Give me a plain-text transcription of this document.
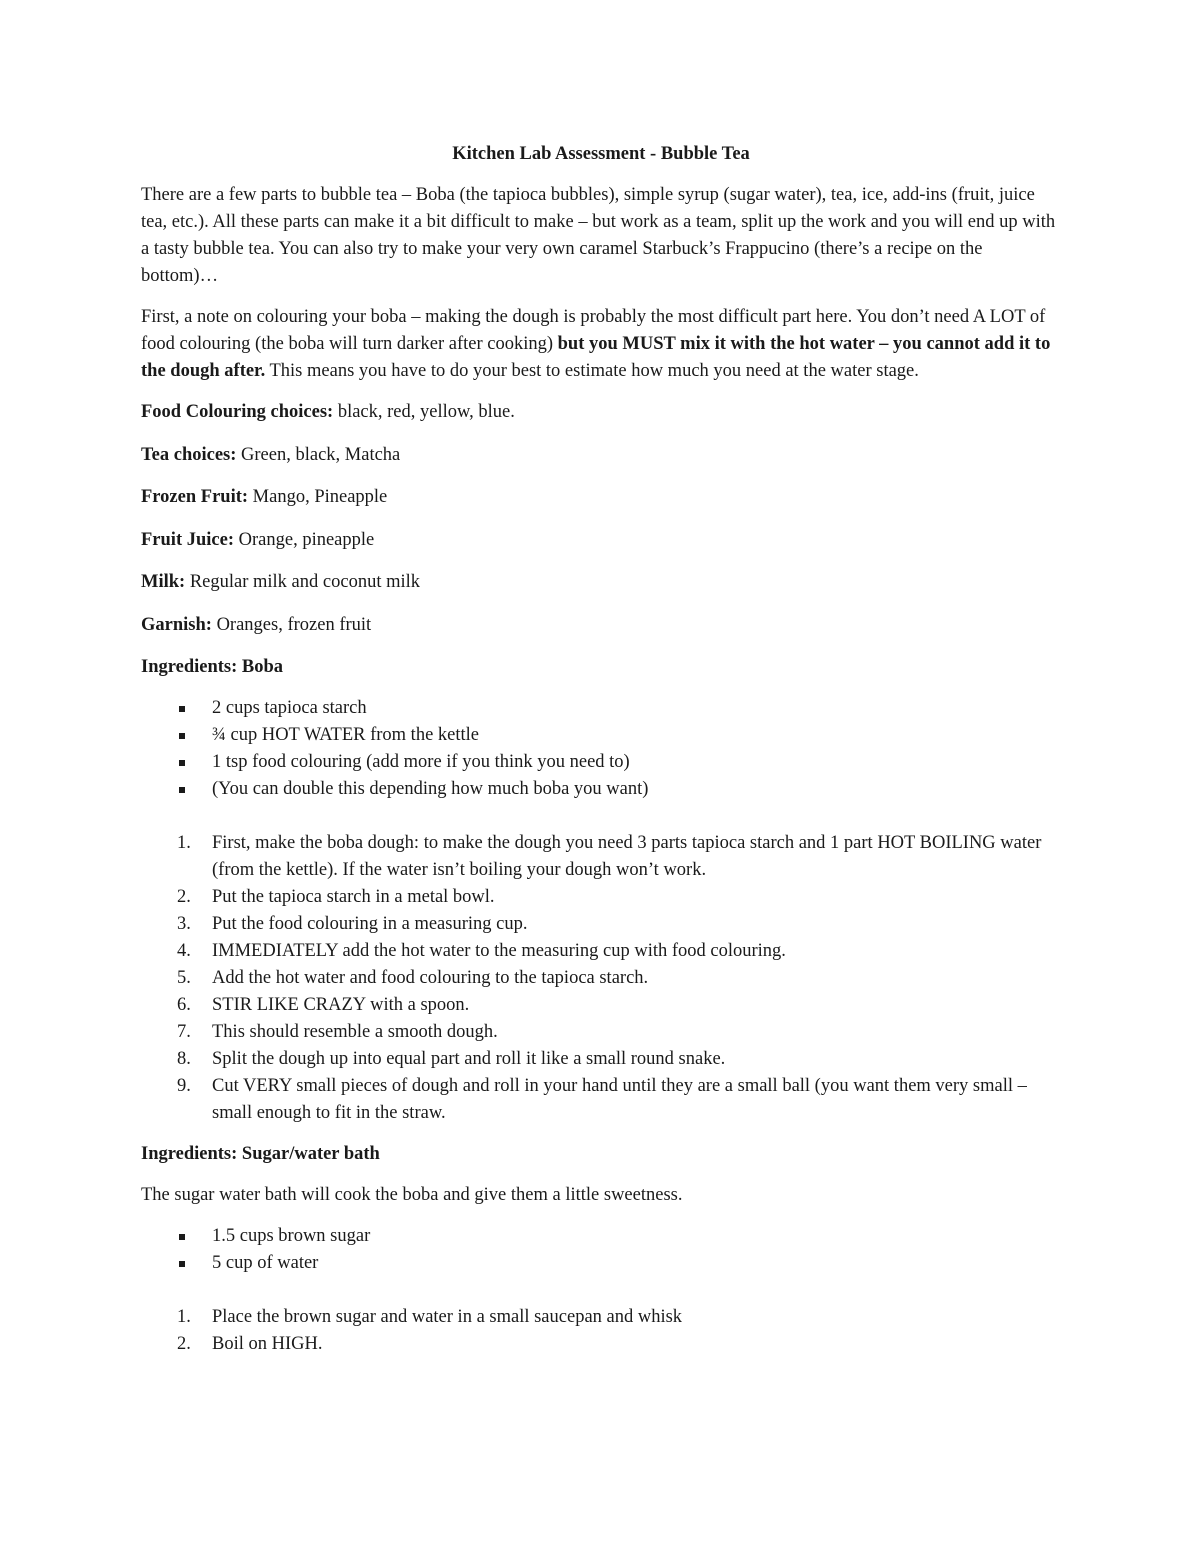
Kitchen Lab Assessment - Bubble Tea

There are a few parts to bubble tea – Boba (the tapioca bubbles), simple syrup (sugar water), tea, ice, add-ins (fruit, juice tea, etc.). All these parts can make it a bit difficult to make – but work as a team, split up the work and you will end up with a tasty bubble tea. You can also try to make your very own caramel Starbuck’s Frappucino (there’s a recipe on the bottom)…

First, a note on colouring your boba – making the dough is probably the most difficult part here. You don’t need A LOT of food colouring (the boba will turn darker after cooking) but you MUST mix it with the hot water – you cannot add it to the dough after. This means you have to do your best to estimate how much you need at the water stage.

Food Colouring choices: black, red, yellow, blue.

Tea choices: Green, black, Matcha

Frozen Fruit: Mango, Pineapple

Fruit Juice: Orange, pineapple

Milk: Regular milk and coconut milk

Garnish: Oranges, frozen fruit

Ingredients: Boba

2 cups tapioca starch
¾ cup HOT WATER from the kettle
1 tsp food colouring (add more if you think you need to)
(You can double this depending how much boba you want)
1. First, make the boba dough: to make the dough you need 3 parts tapioca starch and 1 part HOT BOILING water (from the kettle). If the water isn’t boiling your dough won’t work.
2. Put the tapioca starch in a metal bowl.
3. Put the food colouring in a measuring cup.
4. IMMEDIATELY add the hot water to the measuring cup with food colouring.
5. Add the hot water and food colouring to the tapioca starch.
6. STIR LIKE CRAZY with a spoon.
7. This should resemble a smooth dough.
8. Split the dough up into equal part and roll it like a small round snake.
9. Cut VERY small pieces of dough and roll in your hand until they are a small ball (you want them very small – small enough to fit in the straw.

Ingredients: Sugar/water bath

The sugar water bath will cook the boba and give them a little sweetness.

1.5 cups brown sugar
5 cup of water
1. Place the brown sugar and water in a small saucepan and whisk
2. Boil on HIGH.
